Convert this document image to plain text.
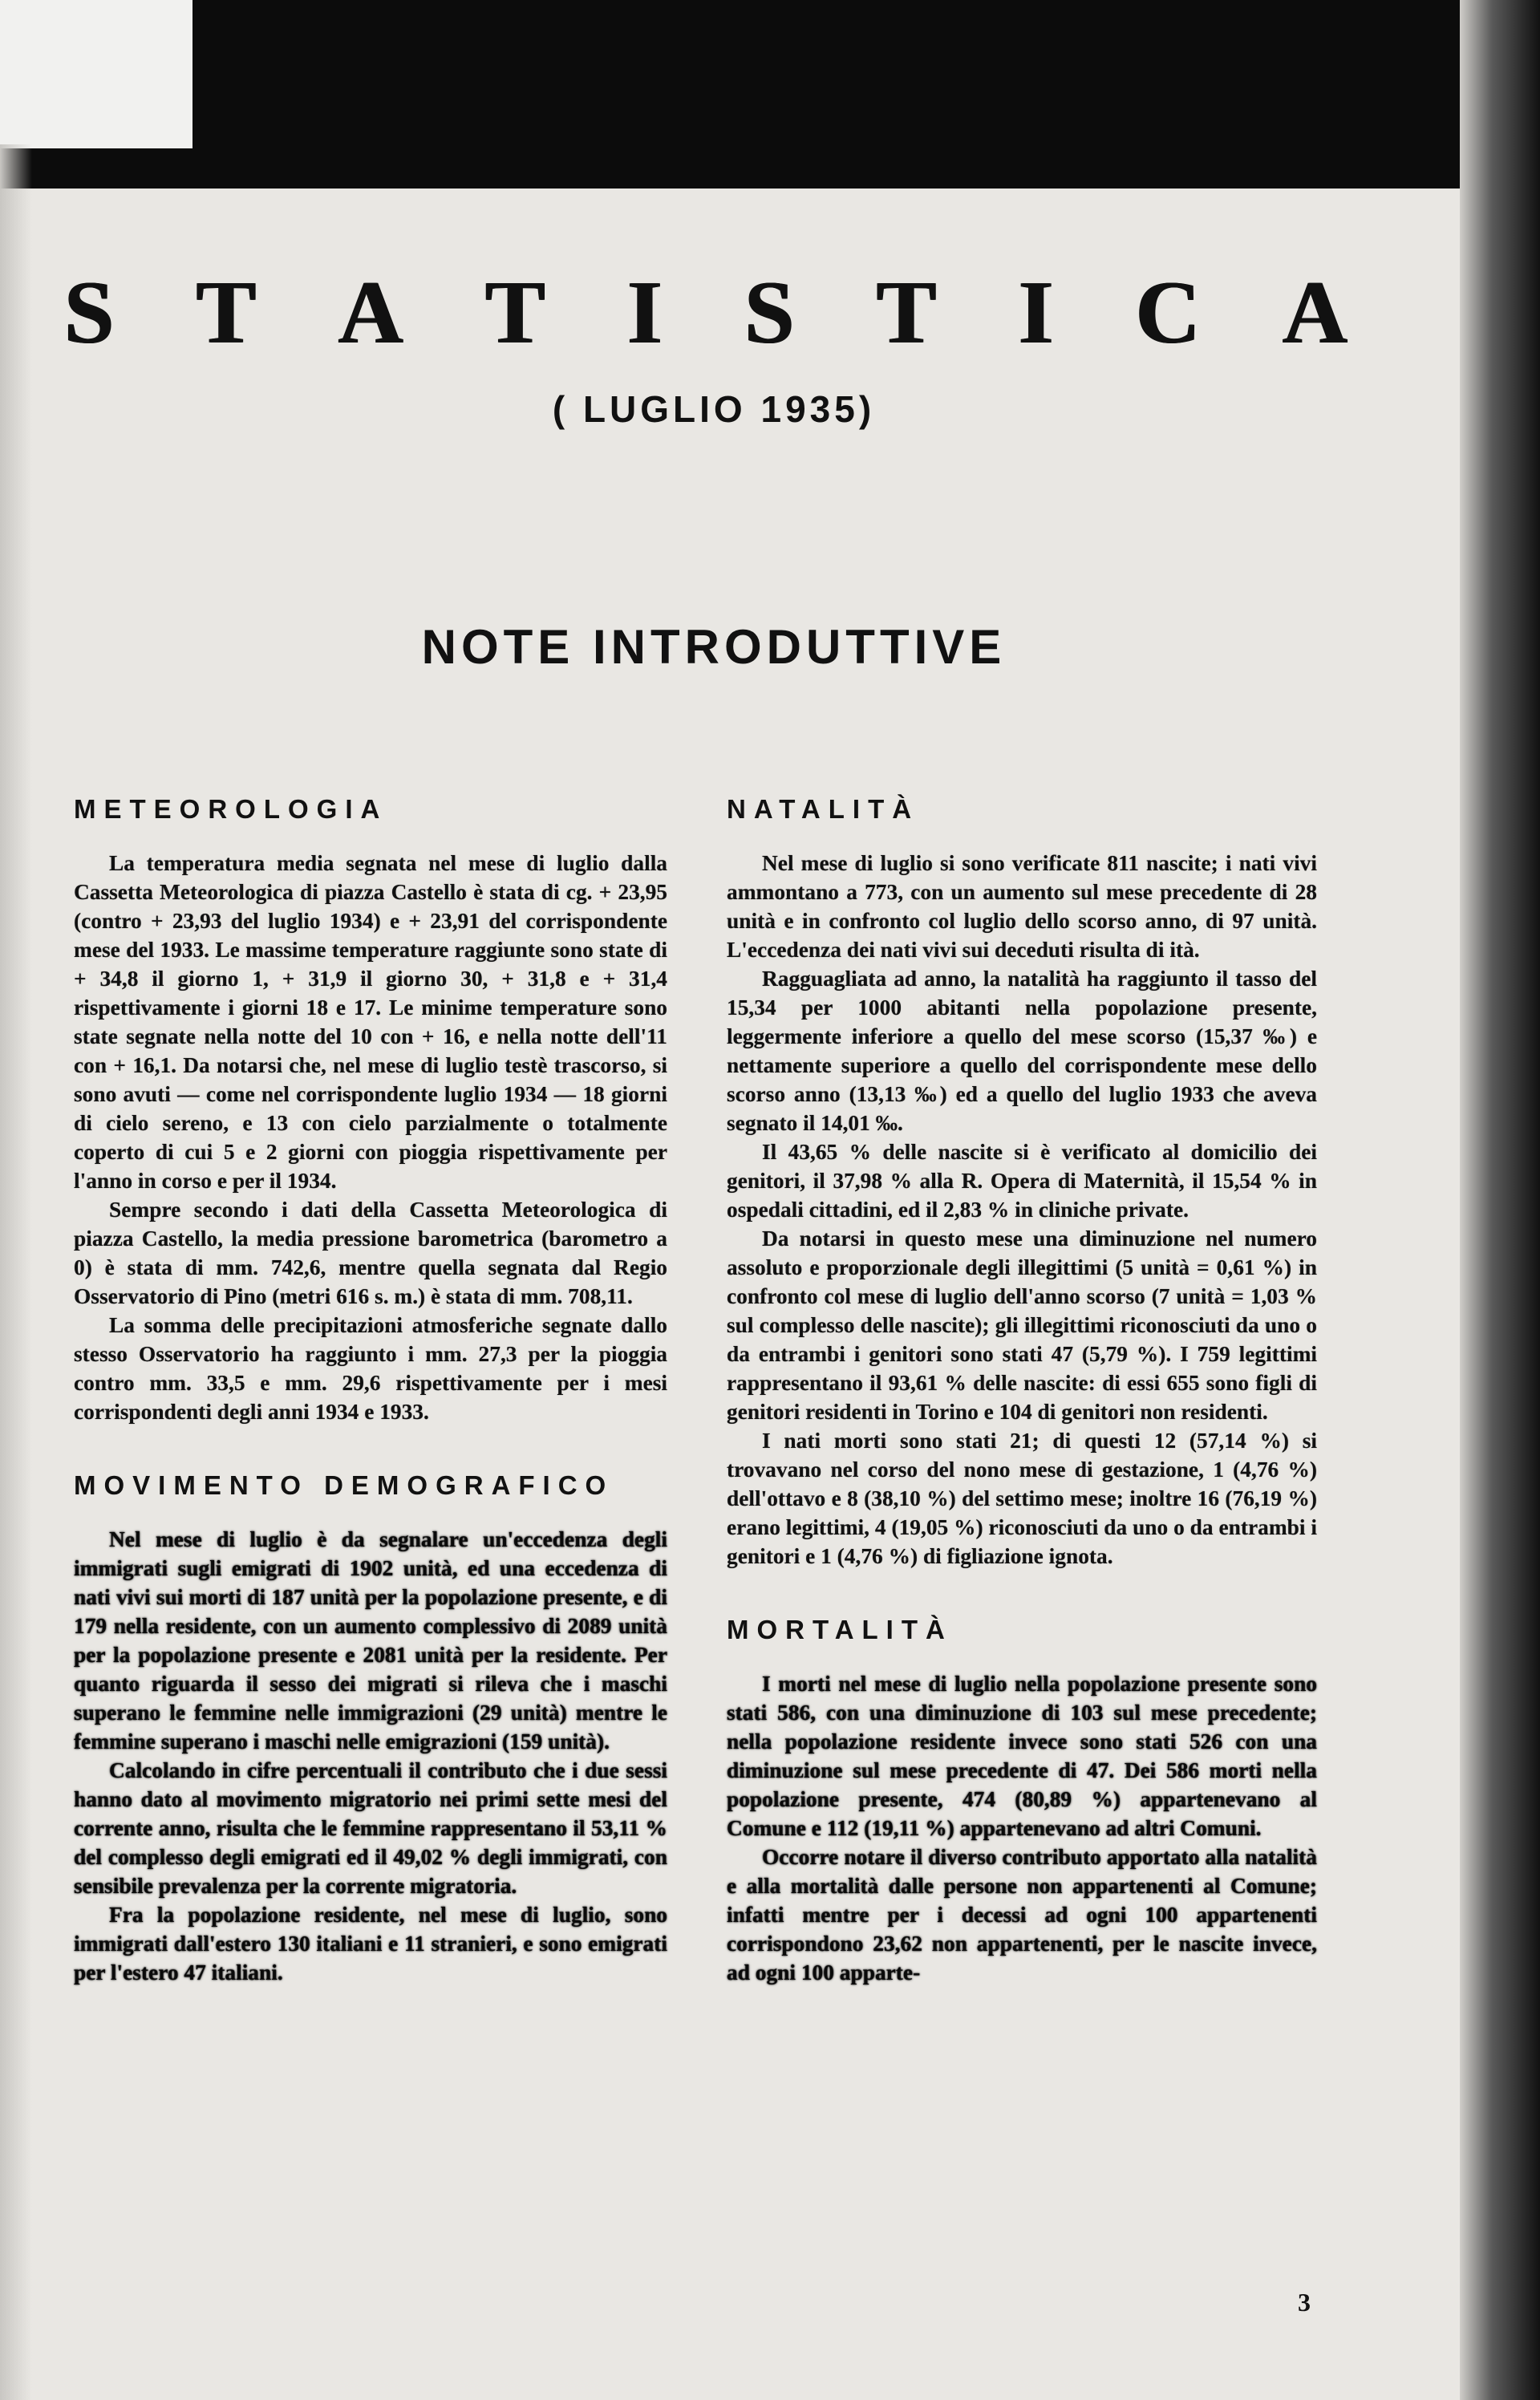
S T A T I S T I C A
( LUGLIO 1935)
NOTE INTRODUTTIVE
METEOROLOGIA

La temperatura media segnata nel mese di luglio dalla Cassetta Meteorologica di piazza Castello è stata di cg. + 23,95 (contro + 23,93 del luglio 1934) e + 23,91 del corrispondente mese del 1933. Le massime temperature raggiunte sono state di + 34,8 il giorno 1, + 31,9 il giorno 30, + 31,8 e + 31,4 rispettivamente i giorni 18 e 17. Le minime temperature sono state segnate nella notte del 10 con + 16, e nella notte dell'11 con + 16,1. Da notarsi che, nel mese di luglio testè trascorso, si sono avuti — come nel corrispondente luglio 1934 — 18 giorni di cielo sereno, e 13 con cielo parzialmente o totalmente coperto di cui 5 e 2 giorni con pioggia rispettivamente per l'anno in corso e per il 1934.

Sempre secondo i dati della Cassetta Meteorologica di piazza Castello, la media pressione barometrica (barometro a 0) è stata di mm. 742,6, mentre quella segnata dal Regio Osservatorio di Pino (metri 616 s. m.) è stata di mm. 708,11.

La somma delle precipitazioni atmosferiche segnate dallo stesso Osservatorio ha raggiunto i mm. 27,3 per la pioggia contro mm. 33,5 e mm. 29,6 rispettivamente per i mesi corrispondenti degli anni 1934 e 1933.

MOVIMENTO DEMOGRAFICO

Nel mese di luglio è da segnalare un'eccedenza degli immigrati sugli emigrati di 1902 unità, ed una eccedenza di nati vivi sui morti di 187 unità per la popolazione presente, e di 179 nella residente, con un aumento complessivo di 2089 unità per la popolazione presente e 2081 unità per la residente. Per quanto riguarda il sesso dei migrati si rileva che i maschi superano le femmine nelle immigrazioni (29 unità) mentre le femmine superano i maschi nelle emigrazioni (159 unità).

Calcolando in cifre percentuali il contributo che i due sessi hanno dato al movimento migratorio nei primi sette mesi del corrente anno, risulta che le femmine rappresentano il 53,11 % del complesso degli emigrati ed il 49,02 % degli immigrati, con sensibile prevalenza per la corrente migratoria.

Fra la popolazione residente, nel mese di luglio, sono immigrati dall'estero 130 italiani e 11 stranieri, e sono emigrati per l'estero 47 italiani.

NATALITÀ

Nel mese di luglio si sono verificate 811 nascite; i nati vivi ammontano a 773, con un aumento sul mese precedente di 28 unità e in confronto col luglio dello scorso anno, di 97 unità. L'eccedenza dei nati vivi sui deceduti risulta di ità.

Ragguagliata ad anno, la natalità ha raggiunto il tasso del 15,34 per 1000 abitanti nella popolazione presente, leggermente inferiore a quello del mese scorso (15,37 ‰) e nettamente superiore a quello del corrispondente mese dello scorso anno (13,13 ‰) ed a quello del luglio 1933 che aveva segnato il 14,01 ‰.

Il 43,65 % delle nascite si è verificato al domicilio dei genitori, il 37,98 % alla R. Opera di Maternità, il 15,54 % in ospedali cittadini, ed il 2,83 % in cliniche private.

Da notarsi in questo mese una diminuzione nel numero assoluto e proporzionale degli illegittimi (5 unità = 0,61 %) in confronto col mese di luglio dell'anno scorso (7 unità = 1,03 % sul complesso delle nascite); gli illegittimi riconosciuti da uno o da entrambi i genitori sono stati 47 (5,79 %). I 759 legittimi rappresentano il 93,61 % delle nascite: di essi 655 sono figli di genitori residenti in Torino e 104 di genitori non residenti.

I nati morti sono stati 21; di questi 12 (57,14 %) si trovavano nel corso del nono mese di gestazione, 1 (4,76 %) dell'ottavo e 8 (38,10 %) del settimo mese; inoltre 16 (76,19 %) erano legittimi, 4 (19,05 %) riconosciuti da uno o da entrambi i genitori e 1 (4,76 %) di figliazione ignota.

MORTALITÀ

I morti nel mese di luglio nella popolazione presente sono stati 586, con una diminuzione di 103 sul mese precedente; nella popolazione residente invece sono stati 526 con una diminuzione sul mese precedente di 47. Dei 586 morti nella popolazione presente, 474 (80,89 %) appartenevano al Comune e 112 (19,11 %) appartenevano ad altri Comuni.

Occorre notare il diverso contributo apportato alla natalità e alla mortalità dalle persone non appartenenti al Comune; infatti mentre per i decessi ad ogni 100 appartenenti corrispondono 23,62 non appartenenti, per le nascite invece, ad ogni 100 apparte-

3
